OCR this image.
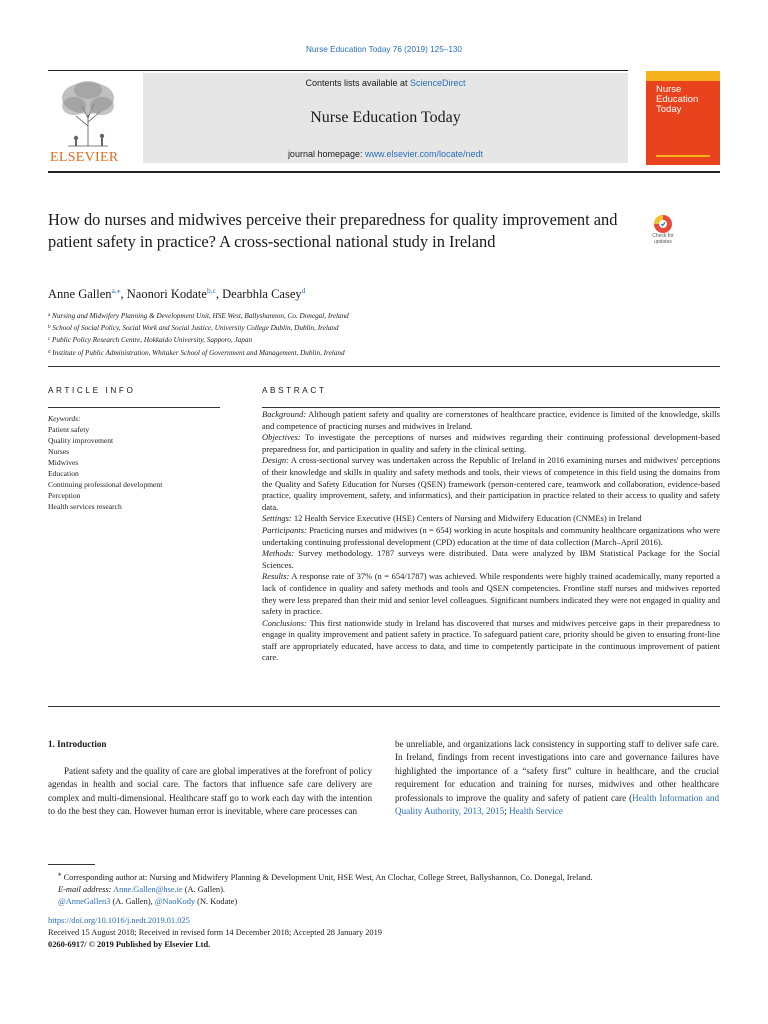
Nurse Education Today 76 (2019) 125–130
ELSEVIER
Contents lists available at ScienceDirect
Nurse Education Today
journal homepage: www.elsevier.com/locate/nedt
Nurse
Education
Today
How do nurses and midwives perceive their preparedness for quality improvement and patient safety in practice? A cross-sectional national study in Ireland	Check for
updates
Anne Gallen$^{a,⁎}$, Naonori Kodate$^{b,c}$, Dearbhla Casey$^d$
$^a$ Nursing and Midwifery Planning & Development Unit, HSE West, Ballyshannon, Co. Donegal, Ireland
$^b$ School of Social Policy, Social Work and Social Justice, University College Dublin, Dublin, Ireland
$^c$ Public Policy Research Centre, Hokkaido University, Sapporo, Japan
$^d$ Institute of Public Administration, Whitaker School of Government and Management, Dublin, Ireland
ARTICLE INFO	ABSTRACT
Keywords:
Patient safety
Quality improvement
Nurses
Midwives
Education
Continuing professional development
Perception
Health services research
Background: Although patient safety and quality are cornerstones of healthcare practice, evidence is limited of the knowledge, skills and competence of practicing nurses and midwives in Ireland.
Objectives: To investigate the perceptions of nurses and midwives regarding their continuing professional development-based preparedness for, and participation in quality and safety in the clinical setting.
Design: A cross-sectional survey was undertaken across the Republic of Ireland in 2016 examining nurses and midwives' perceptions of their knowledge and skills in quality and safety methods and tools, their views of competence in this field using the domains from the Quality and Safety Education for Nurses (QSEN) framework (person-centered care, teamwork and collaboration, evidence-based practice, quality improvement, safety, and informatics), and their participation in practice related to their access to quality and safety data.
Settings: 12 Health Service Executive (HSE) Centers of Nursing and Midwifery Education (CNMEs) in Ireland
Participants: Practicing nurses and midwives (n = 654) working in acute hospitals and community healthcare organizations who were undertaking continuing professional development (CPD) education at the time of data collection (March–April 2016).
Methods: Survey methodology. 1787 surveys were distributed. Data were analyzed by IBM Statistical Package for the Social Sciences.
Results: A response rate of 37% (n = 654/1787) was achieved. While respondents were highly trained academically, many reported a lack of confidence in quality and safety methods and tools and QSEN competencies. Frontline staff nurses and midwives reported they were less prepared than their mid and senior level colleagues. Significant numbers indicated they were not engaged in quality and safety in practice.
Conclusions: This first nationwide study in Ireland has discovered that nurses and midwives perceive gaps in their preparedness to engage in quality improvement and patient safety in practice. To safeguard patient care, priority should be given to ensuring front-line staff are appropriately educated, have access to data, and time to competently participate in the continuous improvement of patient care.
1. Introduction
Patient safety and the quality of care are global imperatives at the forefront of policy agendas in health and social care. The factors that influence safe care delivery are complex and multi-dimensional. Healthcare staff go to work each day with the intention to do the best they can. However human error is inevitable, where care processes can
be unreliable, and organizations lack consistency in supporting staff to deliver safe care. In Ireland, findings from recent investigations into care and governance failures have highlighted the importance of a “safety first” culture in healthcare, and the crucial requirement for education and training for nurses, midwives and other healthcare professionals to improve the quality and safety of patient care (Health Information and Quality Authority, 2013, 2015; Health Service
⁎ Corresponding author at: Nursing and Midwifery Planning & Development Unit, HSE West, An Clochar, College Street, Ballyshannon, Co. Donegal, Ireland.
E-mail address: Anne.Gallen@hse.ie (A. Gallen).
@AnneGallen3 (A. Gallen), @NaoKody (N. Kodate)
https://doi.org/10.1016/j.nedt.2019.01.025
Received 15 August 2018; Received in revised form 14 December 2018; Accepted 28 January 2019
0260-6917/ © 2019 Published by Elsevier Ltd.
